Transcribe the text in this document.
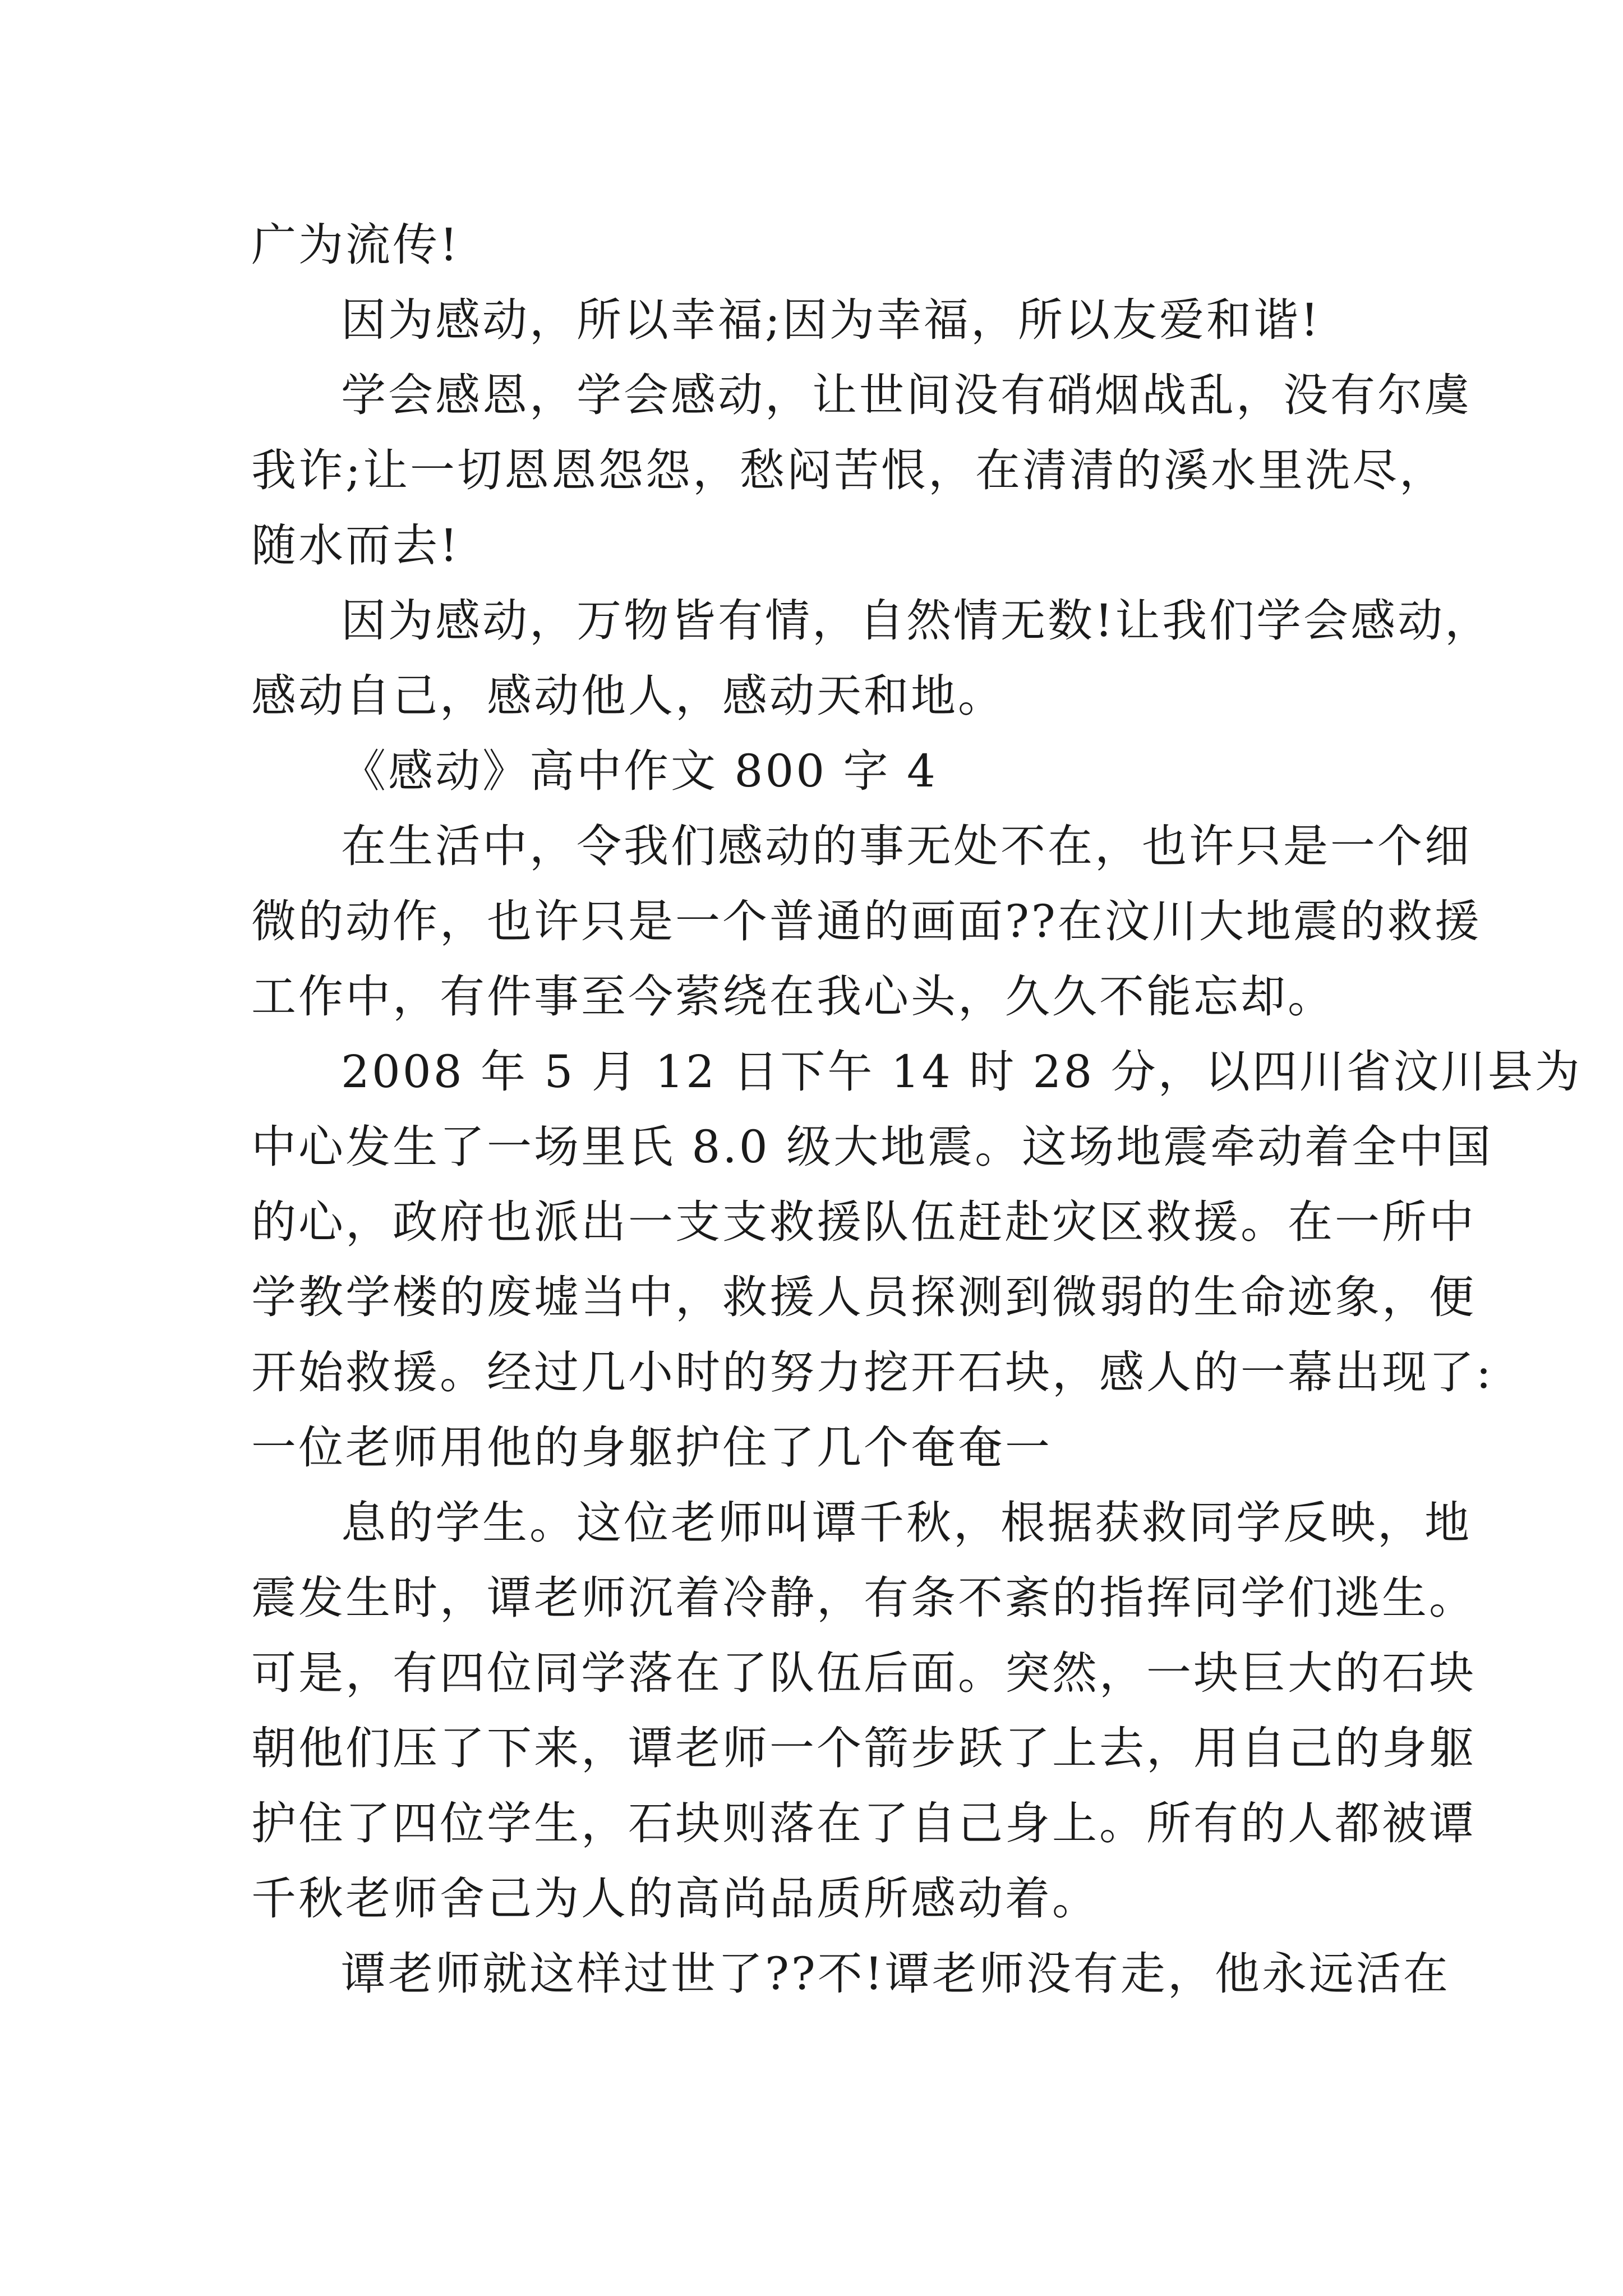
广为流传!
因为感动，所以幸福;因为幸福，所以友爱和谐!
学会感恩，学会感动，让世间没有硝烟战乱，没有尔虞
我诈;让一切恩恩怨怨，愁闷苦恨，在清清的溪水里洗尽，
随水而去!
因为感动，万物皆有情，自然情无数!让我们学会感动，
感动自己，感动他人，感动天和地。
《感动》高中作文 800 字 4
在生活中，令我们感动的事无处不在，也许只是一个细
微的动作，也许只是一个普通的画面??在汶川大地震的救援
工作中，有件事至今萦绕在我心头，久久不能忘却。
2008 年 5 月 12 日下午 14 时 28 分，以四川省汶川县为
中心发生了一场里氏 8.0 级大地震。这场地震牵动着全中国
的心，政府也派出一支支救援队伍赶赴灾区救援。在一所中
学教学楼的废墟当中，救援人员探测到微弱的生命迹象，便
开始救援。经过几小时的努力挖开石块，感人的一幕出现了:
一位老师用他的身躯护住了几个奄奄一
息的学生。这位老师叫谭千秋，根据获救同学反映，地
震发生时，谭老师沉着冷静，有条不紊的指挥同学们逃生。
可是，有四位同学落在了队伍后面。突然，一块巨大的石块
朝他们压了下来，谭老师一个箭步跃了上去，用自己的身躯
护住了四位学生，石块则落在了自己身上。所有的人都被谭
千秋老师舍己为人的高尚品质所感动着。
谭老师就这样过世了??不!谭老师没有走，他永远活在
